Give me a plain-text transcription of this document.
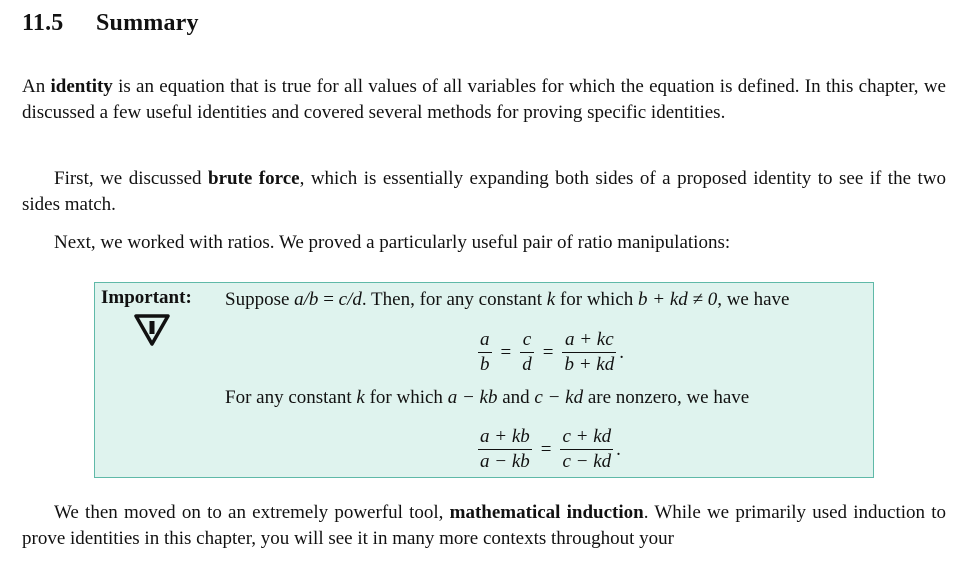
11.5 Summary
An identity is an equation that is true for all values of all variables for which the equation is defined. In this chapter, we discussed a few useful identities and covered several methods for proving specific identities.
First, we discussed brute force, which is essentially expanding both sides of a proposed identity to see if the two sides match.
Next, we worked with ratios. We proved a particularly useful pair of ratio manipulations:
Important: Suppose a/b = c/d. Then, for any constant k for which b + kd ≠ 0, we have
$\frac{a}{b} = \frac{c}{d} = \frac{a + kc}{b + kd}$ .
For any constant k for which a − kb and c − kd are nonzero, we have
$\frac{a + kb}{a - kb} = \frac{c + kd}{c - kd}$ .
We then moved on to an extremely powerful tool, mathematical induction. While we primarily used induction to prove identities in this chapter, you will see it in many more contexts throughout your
